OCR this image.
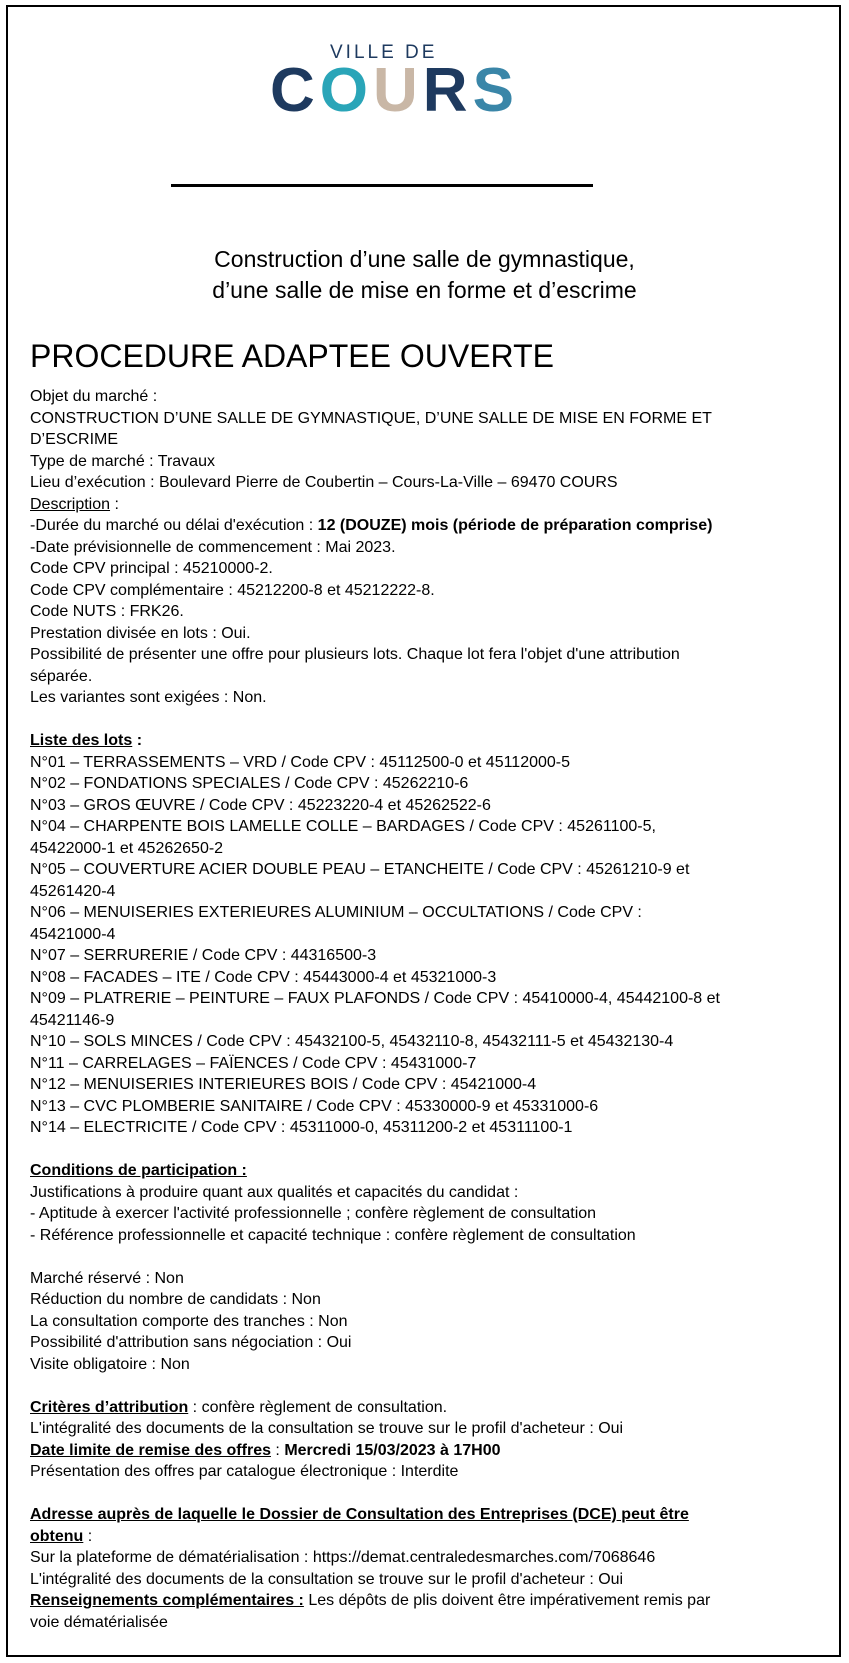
VILLE DE
COURS
Construction d’une salle de gymnastique,
d’une salle de mise en forme et d’escrime
PROCEDURE ADAPTEE OUVERTE

Objet du marché :

CONSTRUCTION D’UNE SALLE DE GYMNASTIQUE, D’UNE SALLE DE MISE EN FORME ET

D’ESCRIME

Type de marché : Travaux

Lieu d’exécution : Boulevard Pierre de Coubertin – Cours-La-Ville – 69470 COURS

Description :

-Durée du marché ou délai d'exécution : 12 (DOUZE) mois (période de préparation comprise)

-Date prévisionnelle de commencement : Mai 2023.

Code CPV principal : 45210000-2.

Code CPV complémentaire : 45212200-8 et 45212222-8.

Code NUTS : FRK26.

Prestation divisée en lots : Oui.

Possibilité de présenter une offre pour plusieurs lots. Chaque lot fera l'objet d'une attribution

séparée.

Les variantes sont exigées : Non.

Liste des lots :

N°01 – TERRASSEMENTS – VRD / Code CPV : 45112500-0 et 45112000-5

N°02 – FONDATIONS SPECIALES / Code CPV : 45262210-6

N°03 – GROS ŒUVRE / Code CPV : 45223220-4 et 45262522-6

N°04 – CHARPENTE BOIS LAMELLE COLLE – BARDAGES / Code CPV : 45261100-5,

45422000-1 et 45262650-2

N°05 – COUVERTURE ACIER DOUBLE PEAU – ETANCHEITE / Code CPV : 45261210-9 et

45261420-4

N°06 – MENUISERIES EXTERIEURES ALUMINIUM – OCCULTATIONS / Code CPV :

45421000-4

N°07 – SERRURERIE / Code CPV : 44316500-3

N°08 – FACADES – ITE / Code CPV : 45443000-4 et 45321000-3

N°09 – PLATRERIE – PEINTURE – FAUX PLAFONDS / Code CPV : 45410000-4, 45442100-8 et

45421146-9

N°10 – SOLS MINCES / Code CPV : 45432100-5, 45432110-8, 45432111-5 et 45432130-4

N°11 – CARRELAGES – FAÏENCES / Code CPV : 45431000-7

N°12 – MENUISERIES INTERIEURES BOIS / Code CPV : 45421000-4

N°13 – CVC PLOMBERIE SANITAIRE / Code CPV : 45330000-9 et 45331000-6

N°14 – ELECTRICITE / Code CPV : 45311000-0, 45311200-2 et 45311100-1

Conditions de participation :

Justifications à produire quant aux qualités et capacités du candidat :

- Aptitude à exercer l'activité professionnelle ; confère règlement de consultation

- Référence professionnelle et capacité technique : confère règlement de consultation

Marché réservé : Non

Réduction du nombre de candidats : Non

La consultation comporte des tranches : Non

Possibilité d'attribution sans négociation : Oui

Visite obligatoire : Non

Critères d’attribution : confère règlement de consultation.

L'intégralité des documents de la consultation se trouve sur le profil d'acheteur : Oui

Date limite de remise des offres : Mercredi 15/03/2023 à 17H00

Présentation des offres par catalogue électronique : Interdite

Adresse auprès de laquelle le Dossier de Consultation des Entreprises (DCE) peut être

obtenu :

Sur la plateforme de dématérialisation : https://demat.centraledesmarches.com/7068646

L'intégralité des documents de la consultation se trouve sur le profil d'acheteur : Oui

Renseignements complémentaires : Les dépôts de plis doivent être impérativement remis par

voie dématérialisée
